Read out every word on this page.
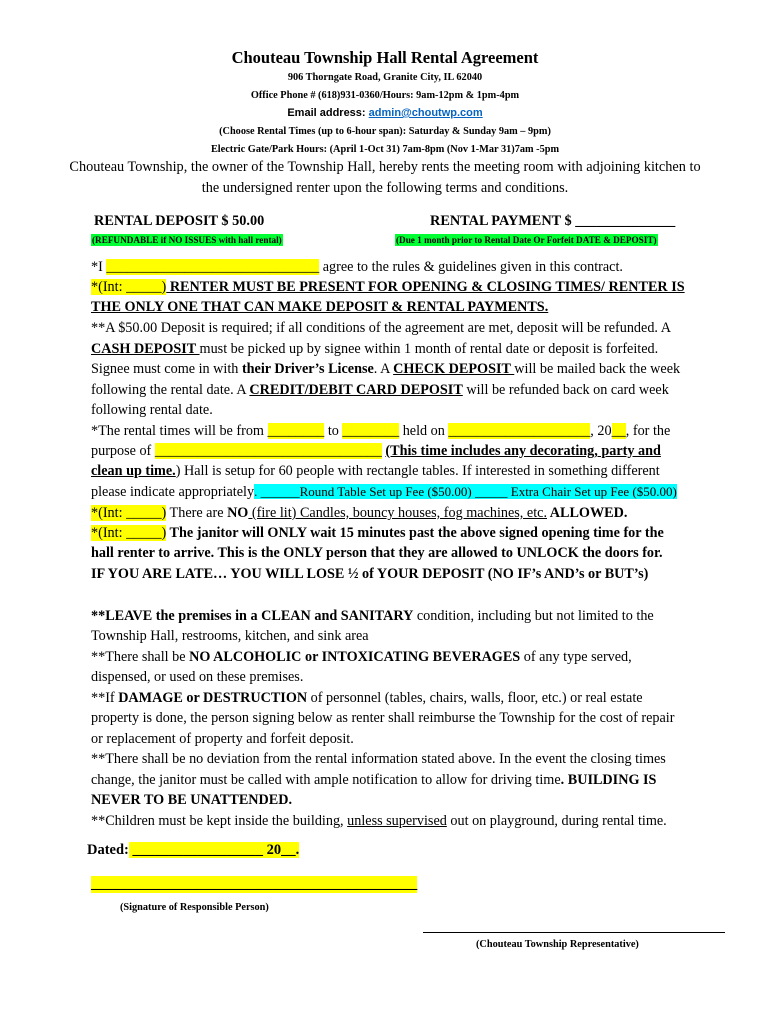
Chouteau Township Hall Rental Agreement
906 Thorngate Road, Granite City, IL 62040
Office Phone # (618)931-0360/Hours: 9am-12pm & 1pm-4pm
Email address: admin@choutwp.com
(Choose Rental Times (up to 6-hour span): Saturday & Sunday 9am – 9pm)
Electric Gate/Park Hours: (April 1-Oct 31) 7am-8pm (Nov 1-Mar 31)7am -5pm
Chouteau Township, the owner of the Township Hall, hereby rents the meeting room with adjoining kitchen to
the undersigned renter upon the following terms and conditions.
RENTAL DEPOSIT $ 50.00	RENTAL PAYMENT $ ______________
(REFUNDABLE if NO ISSUES with hall rental)	(Due 1 month prior to Rental Date Or Forfeit DATE & DEPOSIT)
*I ______________________________ agree to the rules & guidelines given in this contract.
*(Int: _____) RENTER MUST BE PRESENT FOR OPENING & CLOSING TIMES/ RENTER IS
THE ONLY ONE THAT CAN MAKE DEPOSIT & RENTAL PAYMENTS.
**A $50.00 Deposit is required; if all conditions of the agreement are met, deposit will be refunded. A
CASH DEPOSIT must be picked up by signee within 1 month of rental date or deposit is forfeited.
Signee must come in with their Driver’s License. A CHECK DEPOSIT will be mailed back the week
following the rental date. A CREDIT/DEBIT CARD DEPOSIT will be refunded back on card week
following rental date.
*The rental times will be from ________ to ________ held on ____________________, 20__, for the
purpose of ________________________________ (This time includes any decorating, party and
clean up time.) Hall is setup for 60 people with rectangle tables. If interested in something different
please indicate appropriately. ______Round Table Set up Fee ($50.00) _____ Extra Chair Set up Fee ($50.00)
*(Int: _____) There are NO (fire lit) Candles, bouncy houses, fog machines, etc. ALLOWED.
*(Int: _____) The janitor will ONLY wait 15 minutes past the above signed opening time for the
hall renter to arrive. This is the ONLY person that they are allowed to UNLOCK the doors for.
IF YOU ARE LATE… YOU WILL LOSE ½ of YOUR DEPOSIT (NO IF’s AND’s or BUT’s)
**LEAVE the premises in a CLEAN and SANITARY condition, including but not limited to the
Township Hall, restrooms, kitchen, and sink area
**There shall be NO ALCOHOLIC or INTOXICATING BEVERAGES of any type served,
dispensed, or used on these premises.
**If DAMAGE or DESTRUCTION of personnel (tables, chairs, walls, floor, etc.) or real estate
property is done, the person signing below as renter shall reimburse the Township for the cost of repair
or replacement of property and forfeit deposit.
**There shall be no deviation from the rental information stated above. In the event the closing times
change, the janitor must be called with ample notification to allow for driving time. BUILDING IS
NEVER TO BE UNATTENDED.
**Children must be kept inside the building, unless supervised out on playground, during rental time.
Dated: __________________ 20__.
_____________________________________________
(Signature of Responsible Person)
(Chouteau Township Representative)
